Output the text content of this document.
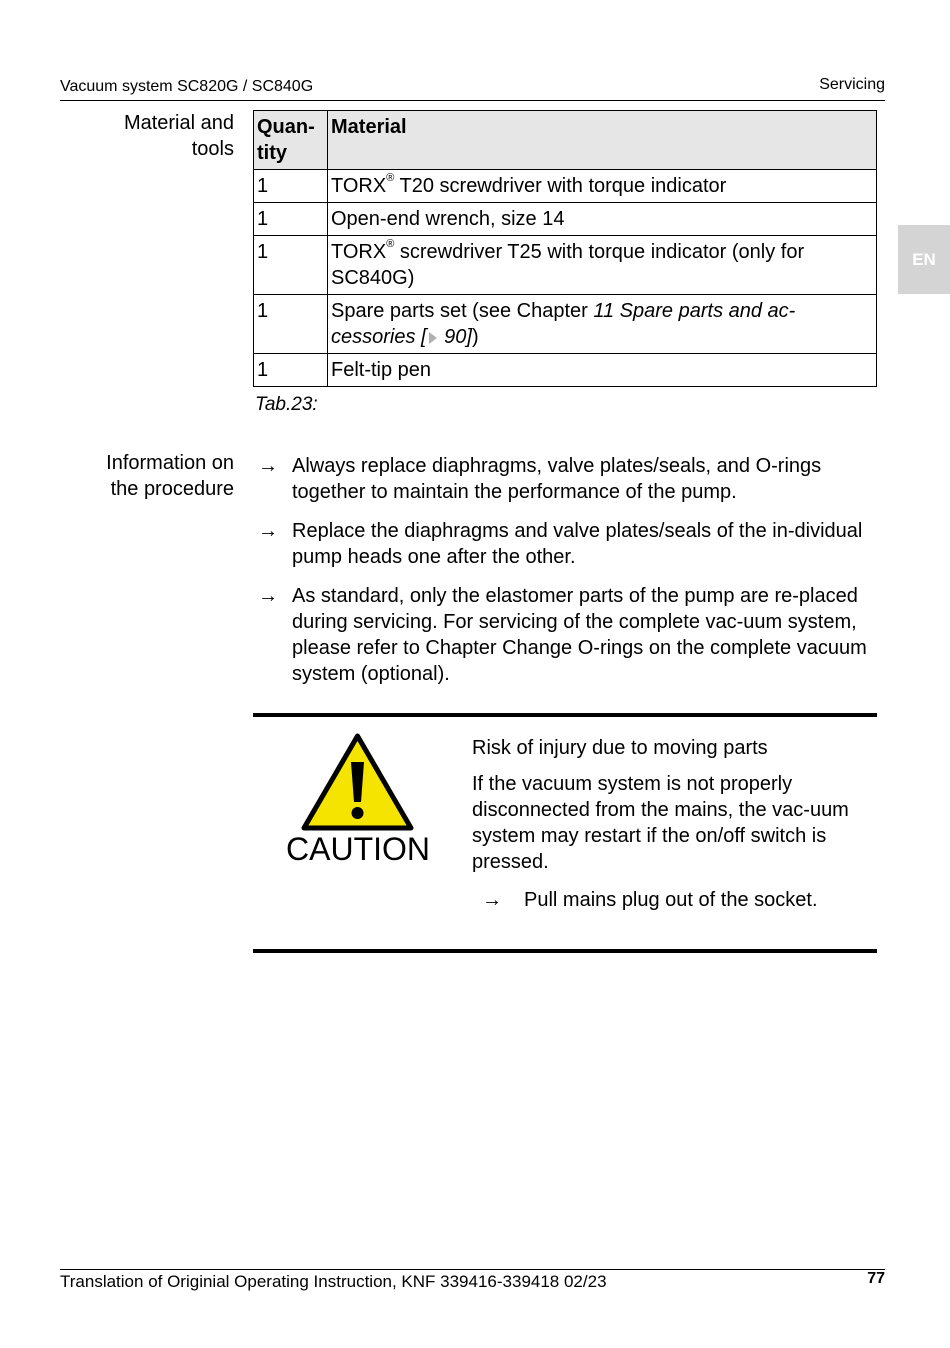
Vacuum system SC820G / SC840G	Servicing
EN
Material and
tools
Quan-
tity	Material
1	TORX® T20 screwdriver with torque indicator
1	Open-end wrench, size 14
1	TORX® screwdriver T25 with torque indicator (only for SC840G)
1	Spare parts set (see Chapter 11 Spare parts and ac-cessories [ 90])
1	Felt-tip pen
Tab.23:
Information on
the procedure
→ Always replace diaphragms, valve plates/seals, and O-rings together to maintain the performance of the pump.
→ Replace the diaphragms and valve plates/seals of the in-dividual pump heads one after the other.
→ As standard, only the elastomer parts of the pump are re-placed during servicing. For servicing of the complete vac-uum system, please refer to Chapter Change O-rings on the complete vacuum system (optional).
CAUTION
Risk of injury due to moving parts
If the vacuum system is not properly disconnected from the mains, the vac-uum system may restart if the on/off switch is pressed.
→ Pull mains plug out of the socket.
Translation of Originial Operating Instruction, KNF 339416-339418 02/23	77
